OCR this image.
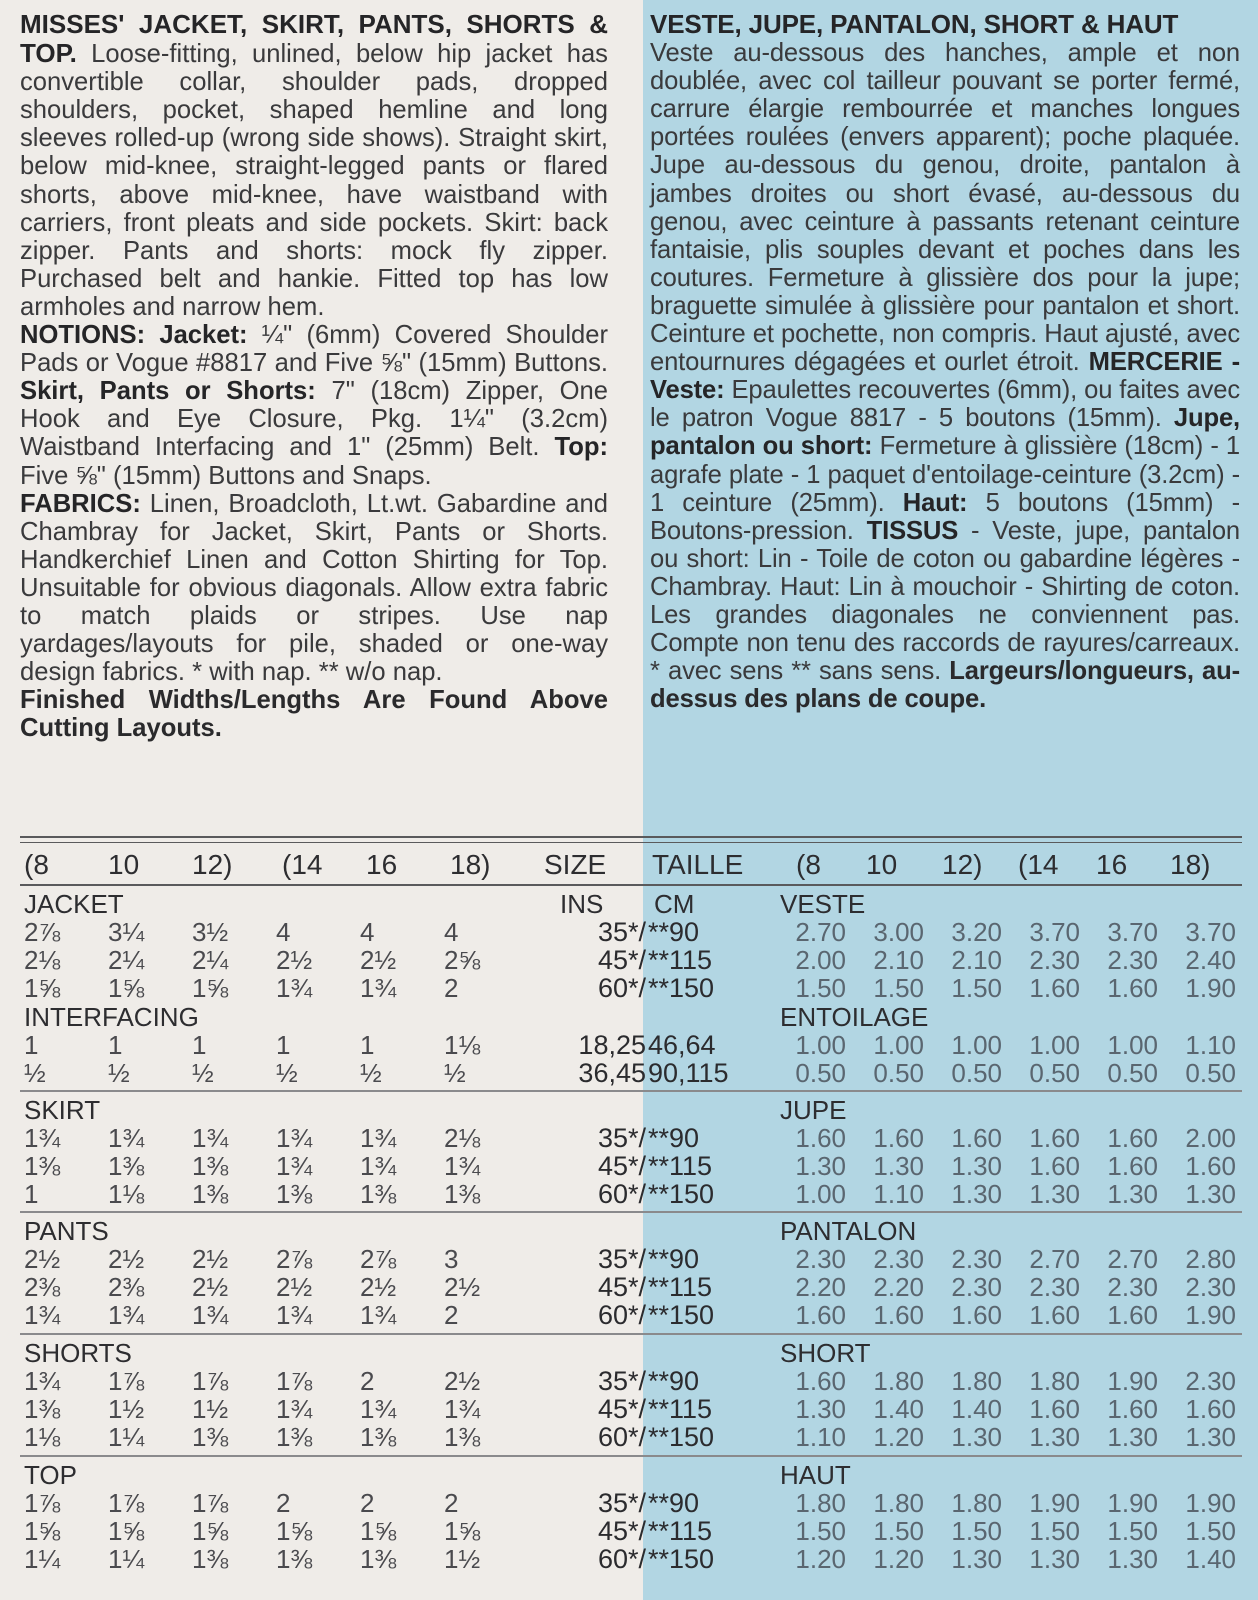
MISSES' JACKET, SKIRT, PANTS, SHORTS & TOP. Loose-fitting, unlined, below hip jacket has convertible collar, shoulder pads, dropped shoulders, pocket, shaped hemline and long sleeves rolled-up (wrong side shows). Straight skirt, below mid-knee, straight-legged pants or flared shorts, above mid-knee, have waistband with carriers, front pleats and side pockets. Skirt: back zipper. Pants and shorts: mock fly zipper. Purchased belt and hankie. Fitted top has low armholes and narrow hem.
NOTIONS: Jacket: ¼" (6mm) Covered Shoulder Pads or Vogue #8817 and Five ⅝" (15mm) Buttons. Skirt, Pants or Shorts: 7" (18cm) Zipper, One Hook and Eye Closure, Pkg. 1¼" (3.2cm) Waistband Interfacing and 1" (25mm) Belt. Top: Five ⅝" (15mm) Buttons and Snaps.
FABRICS: Linen, Broadcloth, Lt.wt. Gabardine and Chambray for Jacket, Skirt, Pants or Shorts. Handkerchief Linen and Cotton Shirting for Top. Unsuitable for obvious diagonals. Allow extra fabric to match plaids or stripes. Use nap yardages/layouts for pile, shaded or one-way design fabrics. * with nap. ** w/o nap.
Finished Widths/Lengths Are Found Above Cutting Layouts.
VESTE, JUPE, PANTALON, SHORT & HAUT
Veste au-dessous des hanches, ample et non doublée, avec col tailleur pouvant se porter fermé, carrure élargie rembourrée et manches longues portées roulées (envers apparent); poche plaquée. Jupe au-dessous du genou, droite, pantalon à jambes droites ou short évasé, au-dessous du genou, avec ceinture à passants retenant ceinture fantaisie, plis souples devant et poches dans les coutures. Fermeture à glissière dos pour la jupe; braguette simulée à glissière pour pantalon et short. Ceinture et pochette, non compris. Haut ajusté, avec entournures dégagées et ourlet étroit. MERCERIE - Veste: Epaulettes recouvertes (6mm), ou faites avec le patron Vogue 8817 - 5 boutons (15mm). Jupe, pantalon ou short: Fermeture à glissière (18cm) - 1 agrafe plate - 1 paquet d'entoilage-ceinture (3.2cm) - 1 ceinture (25mm). Haut: 5 boutons (15mm) - Boutons-pression. TISSUS - Veste, jupe, pantalon ou short: Lin - Toile de coton ou gabardine légères - Chambray. Haut: Lin à mouchoir - Shirting de coton. Les grandes diagonales ne conviennent pas. Compte non tenu des raccords de rayures/carreaux. * avec sens ** sans sens. Largeurs/longueurs, au-dessus des plans de coupe.
(8 10 12) (14 16 18) SIZE TAILLE (8 10 12) (14 16 18)
JACKET	VESTE
INS CM
2⅞	3¼	3½	4	4	4	35*/ **90	2.70	3.00	3.20	3.70	3.70	3.70
2⅛	2¼	2¼	2½	2½	2⅝	45*/ **115	2.00	2.10	2.10	2.30	2.30	2.40
1⅝	1⅝	1⅝	1¾	1¾	2	60*/ **150	1.50	1.50	1.50	1.60	1.60	1.90
INTERFACING	ENTOILAGE
1	1	1	1	1	1⅛	18,25 46,64	1.00	1.00	1.00	1.00	1.00	1.10
½	½	½	½	½	½	36,45 90,115	0.50	0.50	0.50	0.50	0.50	0.50
SKIRT	JUPE
1¾	1¾	1¾	1¾	1¾	2⅛	35*/ **90	1.60	1.60	1.60	1.60	1.60	2.00
1⅜	1⅜	1⅜	1¾	1¾	1¾	45*/ **115	1.30	1.30	1.30	1.60	1.60	1.60
1	1⅛	1⅜	1⅜	1⅜	1⅜	60*/ **150	1.00	1.10	1.30	1.30	1.30	1.30
PANTS	PANTALON
2½	2½	2½	2⅞	2⅞	3	35*/ **90	2.30	2.30	2.30	2.70	2.70	2.80
2⅜	2⅜	2½	2½	2½	2½	45*/ **115	2.20	2.20	2.30	2.30	2.30	2.30
1¾	1¾	1¾	1¾	1¾	2	60*/ **150	1.60	1.60	1.60	1.60	1.60	1.90
SHORTS	SHORT
1¾	1⅞	1⅞	1⅞	2	2½	35*/ **90	1.60	1.80	1.80	1.80	1.90	2.30
1⅜	1½	1½	1¾	1¾	1¾	45*/ **115	1.30	1.40	1.40	1.60	1.60	1.60
1⅛	1¼	1⅜	1⅜	1⅜	1⅜	60*/ **150	1.10	1.20	1.30	1.30	1.30	1.30
TOP	HAUT
1⅞	1⅞	1⅞	2	2	2	35*/ **90	1.80	1.80	1.80	1.90	1.90	1.90
1⅝	1⅝	1⅝	1⅝	1⅝	1⅝	45*/ **115	1.50	1.50	1.50	1.50	1.50	1.50
1¼	1¼	1⅜	1⅜	1⅜	1½	60*/ **150	1.20	1.20	1.30	1.30	1.30	1.40
